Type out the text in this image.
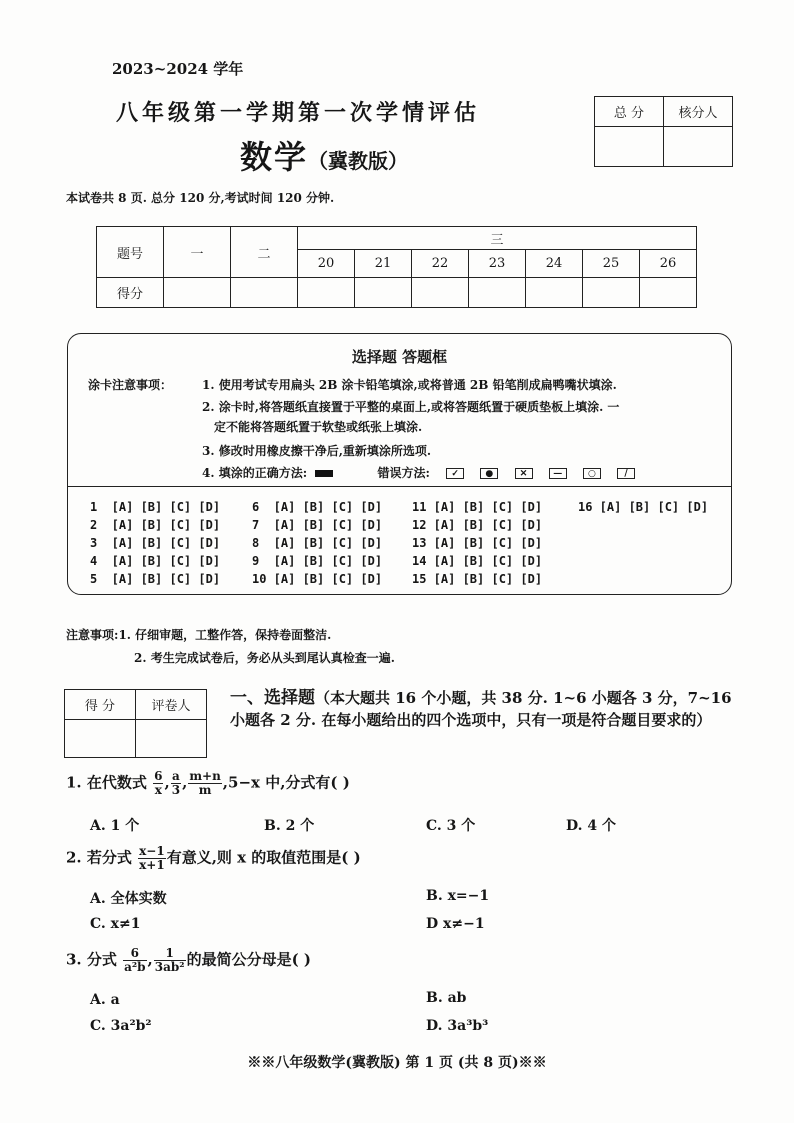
2023~2024 学年
八年级第一学期第一次学情评估
数学（冀教版）
总 分	核分人

本试卷共 8 页. 总分 120 分,考试时间 120 分钟.
题号	一	二	三						
			20	21	22	23	24	25	26
得分									
选择题 答题框
涂卡注意事项： 1. 使用考试专用扁头 2B 涂卡铅笔填涂,或将普通 2B 铅笔削成扁鸭嘴状填涂.
2. 涂卡时,将答题纸直接置于平整的桌面上,或将答题纸置于硬质垫板上填涂. 一
定不能将答题纸置于软垫或纸张上填涂.
3. 修改时用橡皮擦干净后,重新填涂所选项.
4. 填涂的正确方法:	错误方法: ✓	●	✕	—	○	/
1  [A] [B] [C] [D]
2  [A] [B] [C] [D]
3  [A] [B] [C] [D]
4  [A] [B] [C] [D]
5  [A] [B] [C] [D]
6  [A] [B] [C] [D]
7  [A] [B] [C] [D]
8  [A] [B] [C] [D]
9  [A] [B] [C] [D]
10 [A] [B] [C] [D]
11 [A] [B] [C] [D]
12 [A] [B] [C] [D]
13 [A] [B] [C] [D]
14 [A] [B] [C] [D]
15 [A] [B] [C] [D]
16 [A] [B] [C] [D]
注意事项:1. 仔细审题，工整作答，保持卷面整洁.
2. 考生完成试卷后，务必从头到尾认真检查一遍.
得 分	评卷人
	一、选择题（本大题共 16 个小题，共 38 分. 1~6 小题各 3 分，7~16 小题各 2 分. 在每小题给出的四个选项中，只有一项是符合题目要求的）
1. 在代数式 $\frac{6}{x}$ , $\frac{a}{3}$ , $\frac{m+n}{m} ,5-x$ 中,分式有( )
A. 1 个	B. 2 个	C. 3 个	D. 4 个
2. 若分式 $\frac{x-1}{x+1}$ 有意义,则 x 的取值范围是( )
A. 全体实数	B. x=−1
C. x≠1	D x≠−1
3. 分式 $\frac{6}{\text{a²b}}$ , $\frac{1}{\text{3ab²}}$ 的最简公分母是( )
A. a	B. ab
C. 3a²b²	D. 3a³b³
※※八年级数学(冀教版) 第 1 页 (共 8 页)※※
